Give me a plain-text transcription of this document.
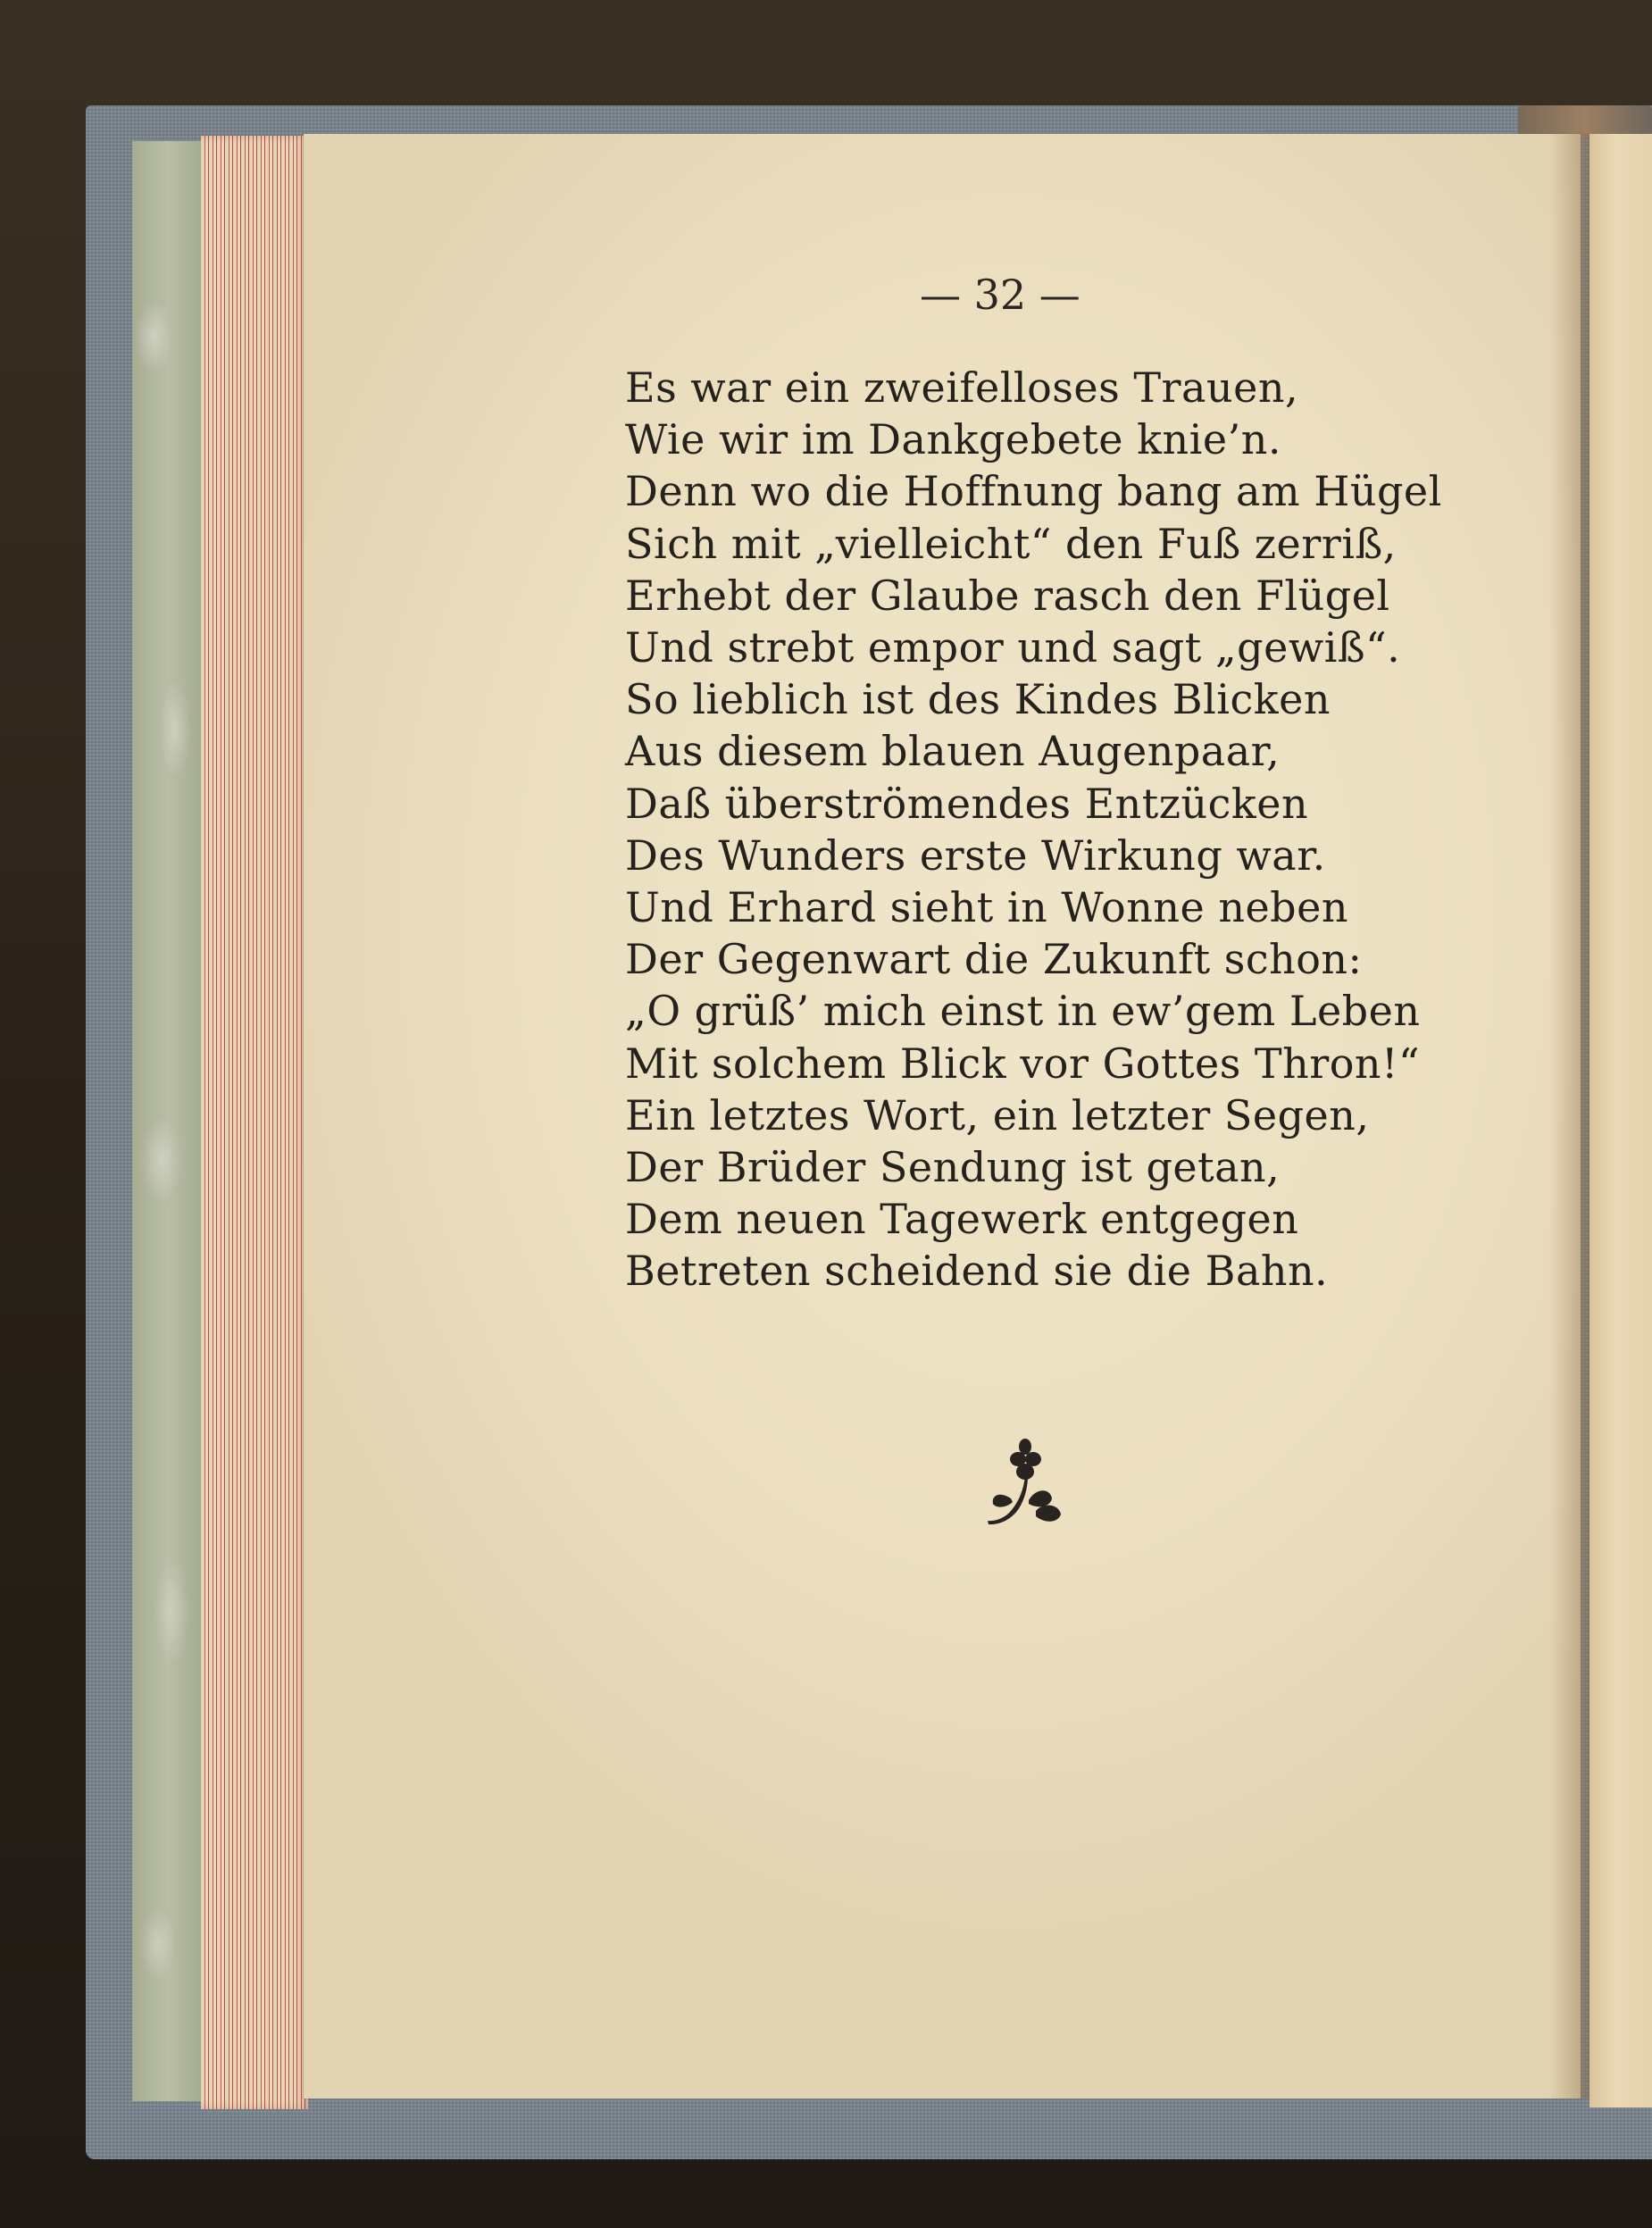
— 32 —
Es war ein zweifelloses Trauen,
Wie wir im Dankgebete knie’n.
Denn wo die Hoffnung bang am Hügel
Sich mit „vielleicht“ den Fuß zerriß,
Erhebt der Glaube rasch den Flügel
Und strebt empor und sagt „gewiß“.
So lieblich ist des Kindes Blicken
Aus diesem blauen Augenpaar,
Daß überströmendes Entzücken
Des Wunders erste Wirkung war.
Und Erhard sieht in Wonne neben
Der Gegenwart die Zukunft schon:
„O grüß’ mich einst in ew’gem Leben
Mit solchem Blick vor Gottes Thron!“
Ein letztes Wort, ein letzter Segen,
Der Brüder Sendung ist getan,
Dem neuen Tagewerk entgegen
Betreten scheidend sie die Bahn.
